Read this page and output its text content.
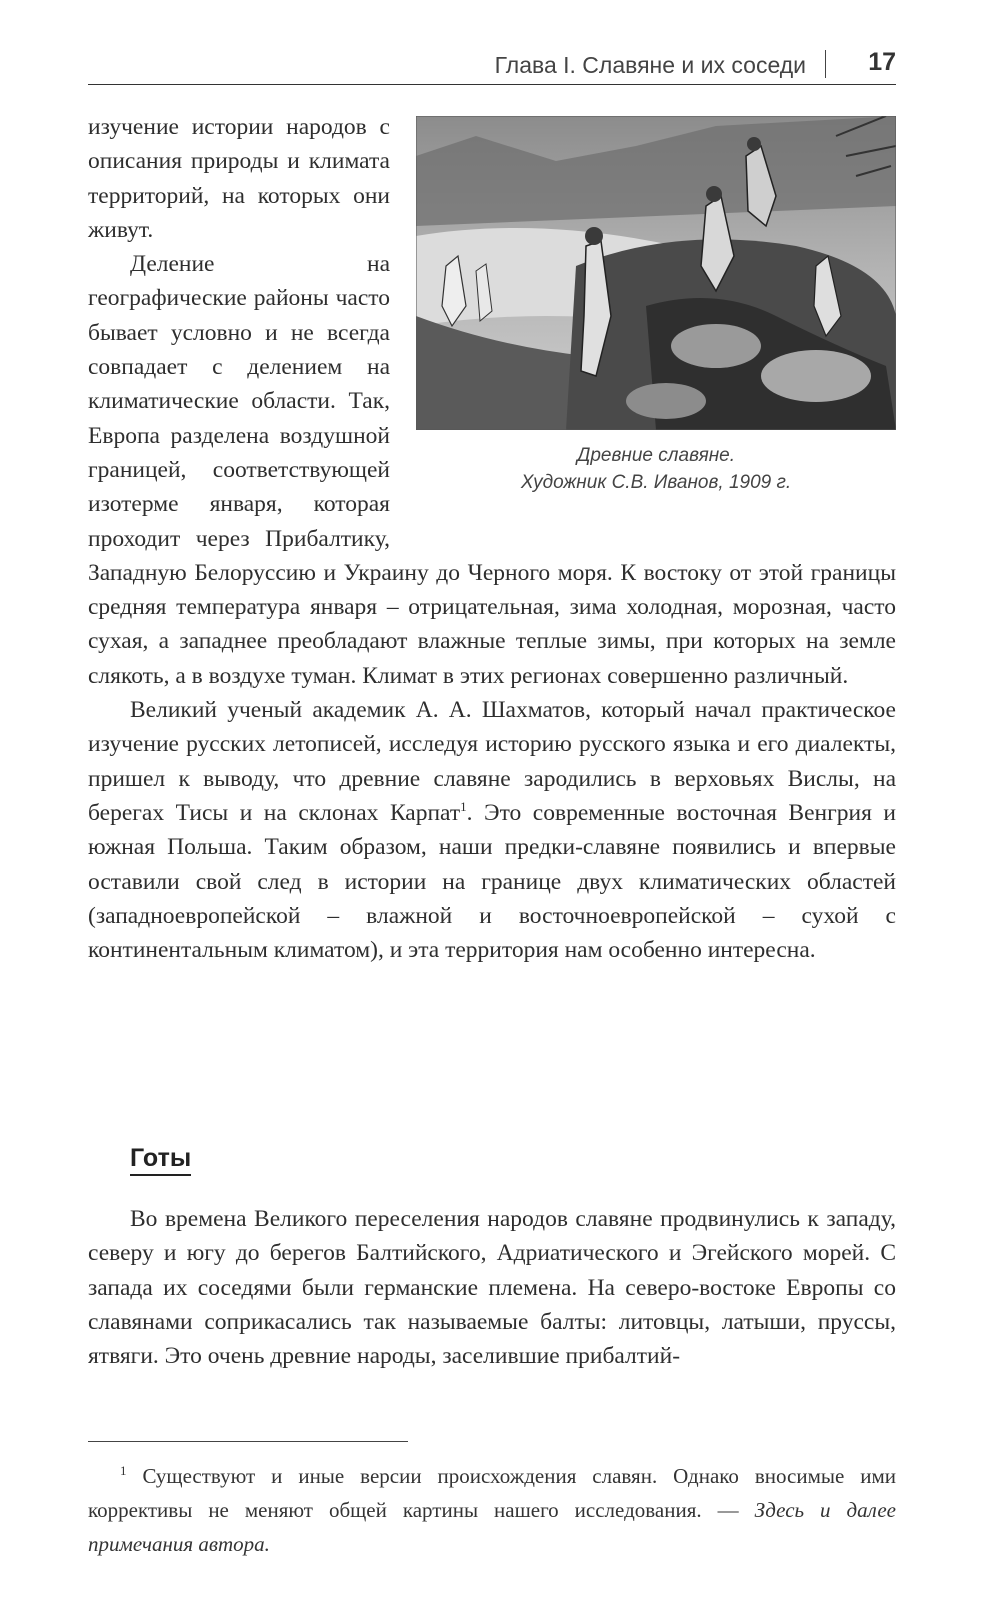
Глава I. Славяне и их соседи 17
Древние славяне.
Художник С.В. Иванов, 1909 г.

изучение истории народов с описания природы и климата территорий, на которых они живут.

Деление на географические районы часто бывает условно и не всегда совпадает с делением на климатические области. Так, Европа разделена воздушной границей, соответствующей изотерме января, которая проходит через Прибалтику, Западную Белоруссию и Украину до Черного моря. К востоку от этой границы средняя температура января – отрицательная, зима холодная, морозная, часто сухая, а западнее преобладают влажные теплые зимы, при которых на земле слякоть, а в воздухе туман. Климат в этих регионах совершенно различный.

Великий ученый академик А. А. Шахматов, который начал практическое изучение русских летописей, исследуя историю русского языка и его диалекты, пришел к выводу, что древние славяне зародились в верховьях Вислы, на берегах Тисы и на склонах Карпат$^1$. Это современные восточная Венгрия и южная Польша. Таким образом, наши предки-славяне появились и впервые оставили свой след в истории на границе двух климатических областей (западноевропейской – влажной и восточноевропейской – сухой с континентальным климатом), и эта территория нам особенно интересна.

Готы

Во времена Великого переселения народов славяне продвинулись к западу, северу и югу до берегов Балтийского, Адриатического и Эгейского морей. С запада их соседями были германские племена. На северо-востоке Европы со славянами соприкасались так называемые балты: литовцы, латыши, пруссы, ятвяги. Это очень древние народы, заселившие прибалтий-

$^1$ Существуют и иные версии происхождения славян. Однако вносимые ими коррективы не меняют общей картины нашего исследования. — Здесь и далее примечания автора.
